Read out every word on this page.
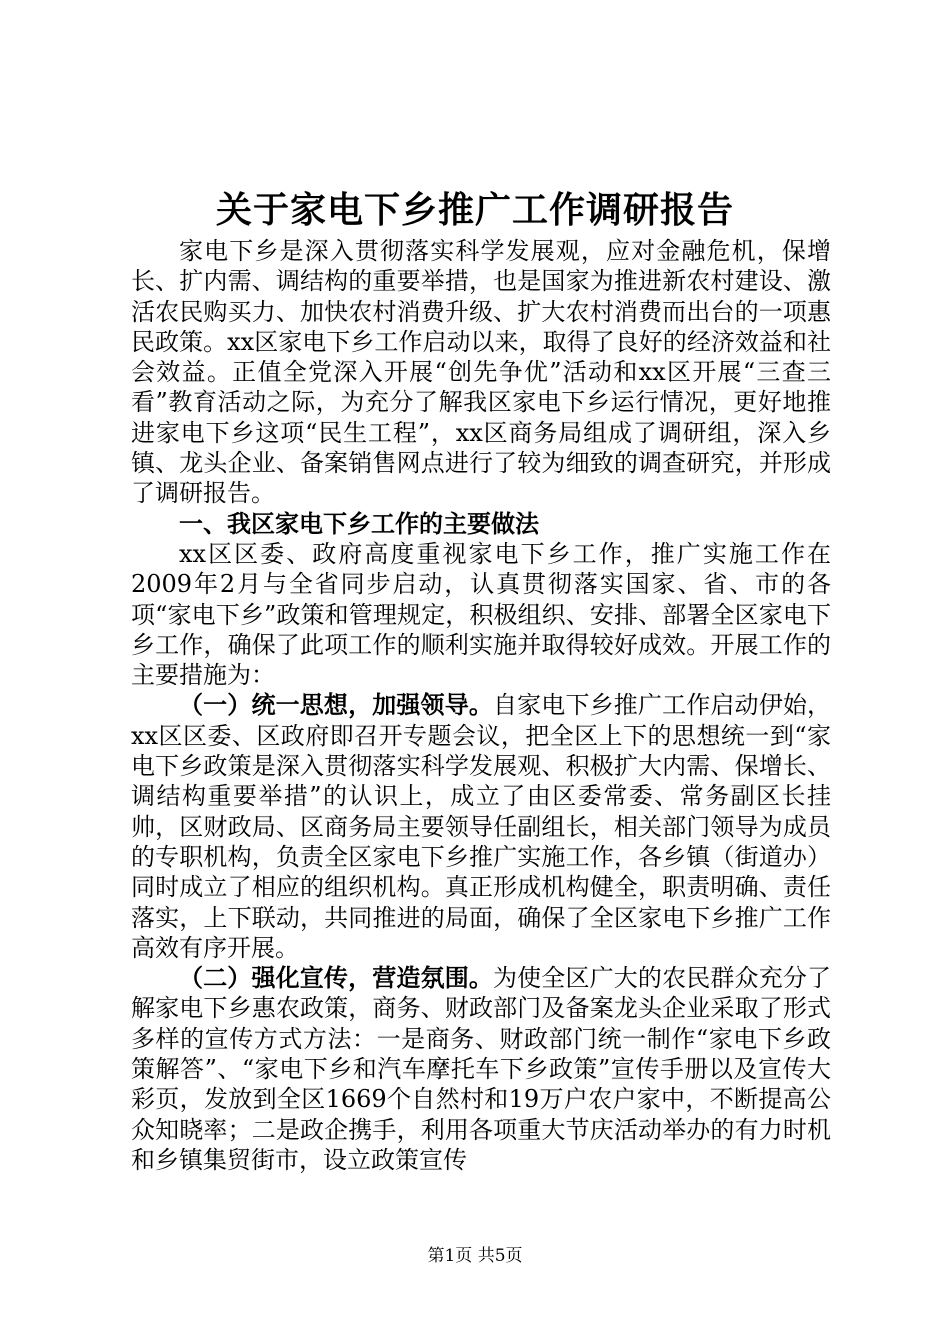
关于家电下乡推广工作调研报告

家电下乡是深入贯彻落实科学发展观，应对金融危机，保增长、扩内需、调结构的重要举措，也是国家为推进新农村建设、激活农民购买力、加快农村消费升级、扩大农村消费而出台的一项惠民政策。xx区家电下乡工作启动以来，取得了良好的经济效益和社会效益。正值全党深入开展“创先争优”活动和xx区开展“三查三看”教育活动之际，为充分了解我区家电下乡运行情况，更好地推进家电下乡这项“民生工程”，xx区商务局组成了调研组，深入乡镇、龙头企业、备案销售网点进行了较为细致的调查研究，并形成了调研报告。

一、我区家电下乡工作的主要做法

xx区区委、政府高度重视家电下乡工作，推广实施工作在2009年2月与全省同步启动，认真贯彻落实国家、省、市的各项“家电下乡”政策和管理规定，积极组织、安排、部署全区家电下乡工作，确保了此项工作的顺利实施并取得较好成效。开展工作的主要措施为：

（一）统一思想，加强领导。自家电下乡推广工作启动伊始，xx区区委、区政府即召开专题会议，把全区上下的思想统一到“家电下乡政策是深入贯彻落实科学发展观、积极扩大内需、保增长、调结构重要举措”的认识上，成立了由区委常委、常务副区长挂帅，区财政局、区商务局主要领导任副组长，相关部门领导为成员的专职机构，负责全区家电下乡推广实施工作，各乡镇（街道办）同时成立了相应的组织机构。真正形成机构健全，职责明确、责任落实，上下联动，共同推进的局面，确保了全区家电下乡推广工作高效有序开展。

（二）强化宣传，营造氛围。为使全区广大的农民群众充分了解家电下乡惠农政策，商务、财政部门及备案龙头企业采取了形式多样的宣传方式方法：一是商务、财政部门统一制作“家电下乡政策解答”、“家电下乡和汽车摩托车下乡政策”宣传手册以及宣传大彩页，发放到全区1669个自然村和19万户农户家中，不断提高公众知晓率；二是政企携手，利用各项重大节庆活动举办的有力时机和乡镇集贸街市，设立政策宣传

第1页 共5页
